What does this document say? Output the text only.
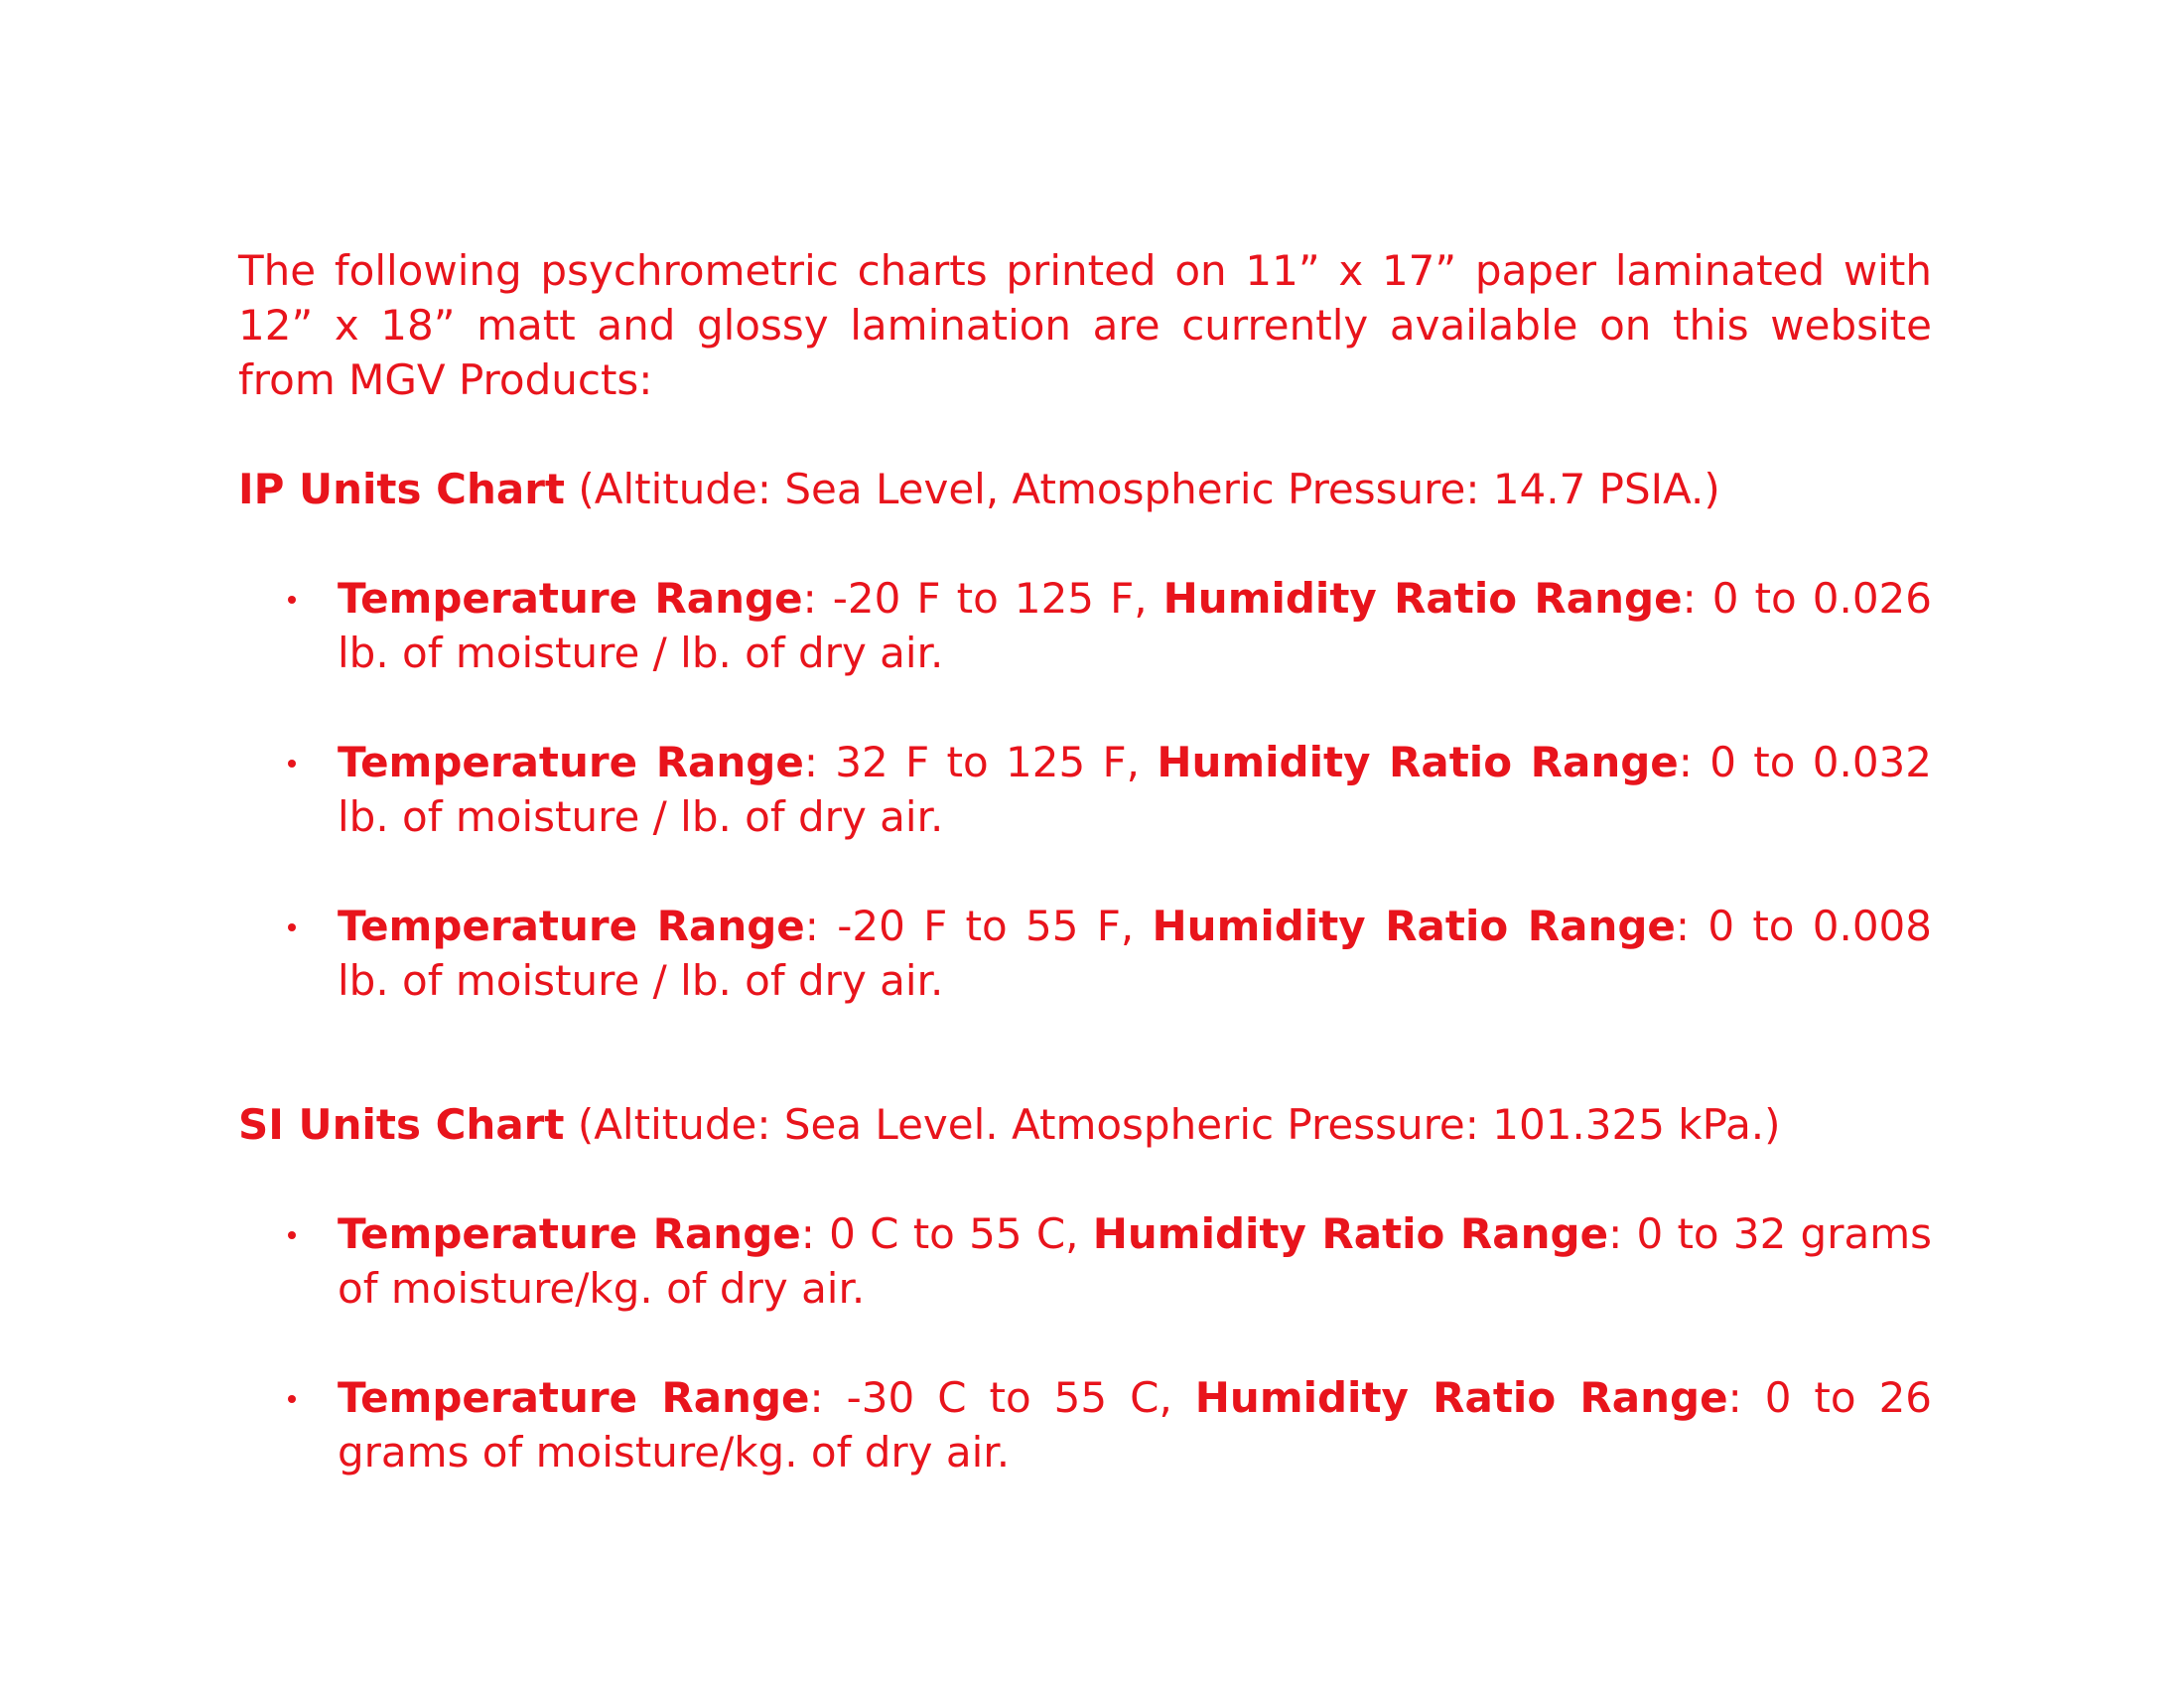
The following psychrometric charts printed on 11” x 17” paper laminated with 12” x 18” matt and glossy lamination are currently available on this website from MGV Products:

IP Units Chart (Altitude: Sea Level, Atmospheric Pressure: 14.7 PSIA.)

Temperature Range: -20 F to 125 F, Humidity Ratio Range: 0 to 0.026 lb. of moisture / lb. of dry air.
Temperature Range: 32 F to 125 F, Humidity Ratio Range: 0 to 0.032 lb. of moisture / lb. of dry air.
Temperature Range: -20 F to 55 F, Humidity Ratio Range: 0 to 0.008 lb. of moisture / lb. of dry air.

SI Units Chart (Altitude: Sea Level. Atmospheric Pressure: 101.325 kPa.)

Temperature Range: 0 C to 55 C, Humidity Ratio Range: 0 to 32 grams of moisture/kg. of dry air.
Temperature Range: -30 C to 55 C, Humidity Ratio Range: 0 to 26 grams of moisture/kg. of dry air.
